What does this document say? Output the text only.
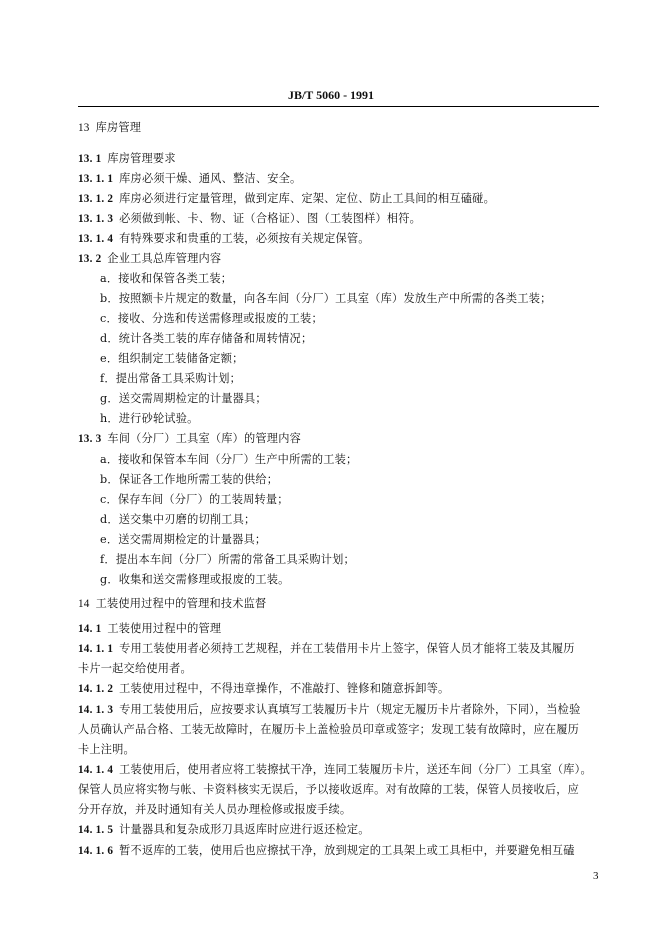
JB/T 5060 - 1991
13 库房管理
13. 1 库房管理要求
13. 1. 1 库房必须干燥、通风、整洁、安全。
13. 1. 2 库房必须进行定量管理，做到定库、定架、定位、防止工具间的相互磕碰。
13. 1. 3 必须做到帐、卡、物、证（合格证）、图（工装图样）相符。
13. 1. 4 有特殊要求和贵重的工装，必须按有关规定保管。
13. 2 企业工具总库管理内容
a．接收和保管各类工装；
b．按照额卡片规定的数量，向各车间（分厂）工具室（库）发放生产中所需的各类工装；
c．接收、分选和传送需修理或报废的工装；
d．统计各类工装的库存储备和周转情况；
e．组织制定工装储备定额；
f．提出常备工具采购计划；
g．送交需周期检定的计量器具；
h．进行砂轮试验。
13. 3 车间（分厂）工具室（库）的管理内容
a．接收和保管本车间（分厂）生产中所需的工装；
b．保证各工作地所需工装的供给；
c．保存车间（分厂）的工装周转量；
d．送交集中刃磨的切削工具；
e．送交需周期检定的计量器具；
f．提出本车间（分厂）所需的常备工具采购计划；
g．收集和送交需修理或报废的工装。
14 工装使用过程中的管理和技术监督
14. 1 工装使用过程中的管理
14. 1. 1 专用工装使用者必须持工艺规程，并在工装借用卡片上签字，保管人员才能将工装及其履历
卡片一起交给使用者。
14. 1. 2 工装使用过程中，不得违章操作，不准敲打、锉修和随意拆卸等。
14. 1. 3 专用工装使用后，应按要求认真填写工装履历卡片（规定无履历卡片者除外，下同），当检验
人员确认产品合格、工装无故障时，在履历卡上盖检验员印章或签字；发现工装有故障时，应在履历
卡上注明。
14. 1. 4 工装使用后，使用者应将工装擦拭干净，连同工装履历卡片，送还车间（分厂）工具室（库）。
保管人员应将实物与帐、卡资料核实无误后，予以接收返库。对有故障的工装，保管人员接收后，应
分开存放，并及时通知有关人员办理检修或报废手续。
14. 1. 5 计量器具和复杂成形刀具返库时应进行返还检定。
14. 1. 6 暂不返库的工装，使用后也应擦拭干净，放到规定的工具架上或工具柜中，并要避免相互磕
3
